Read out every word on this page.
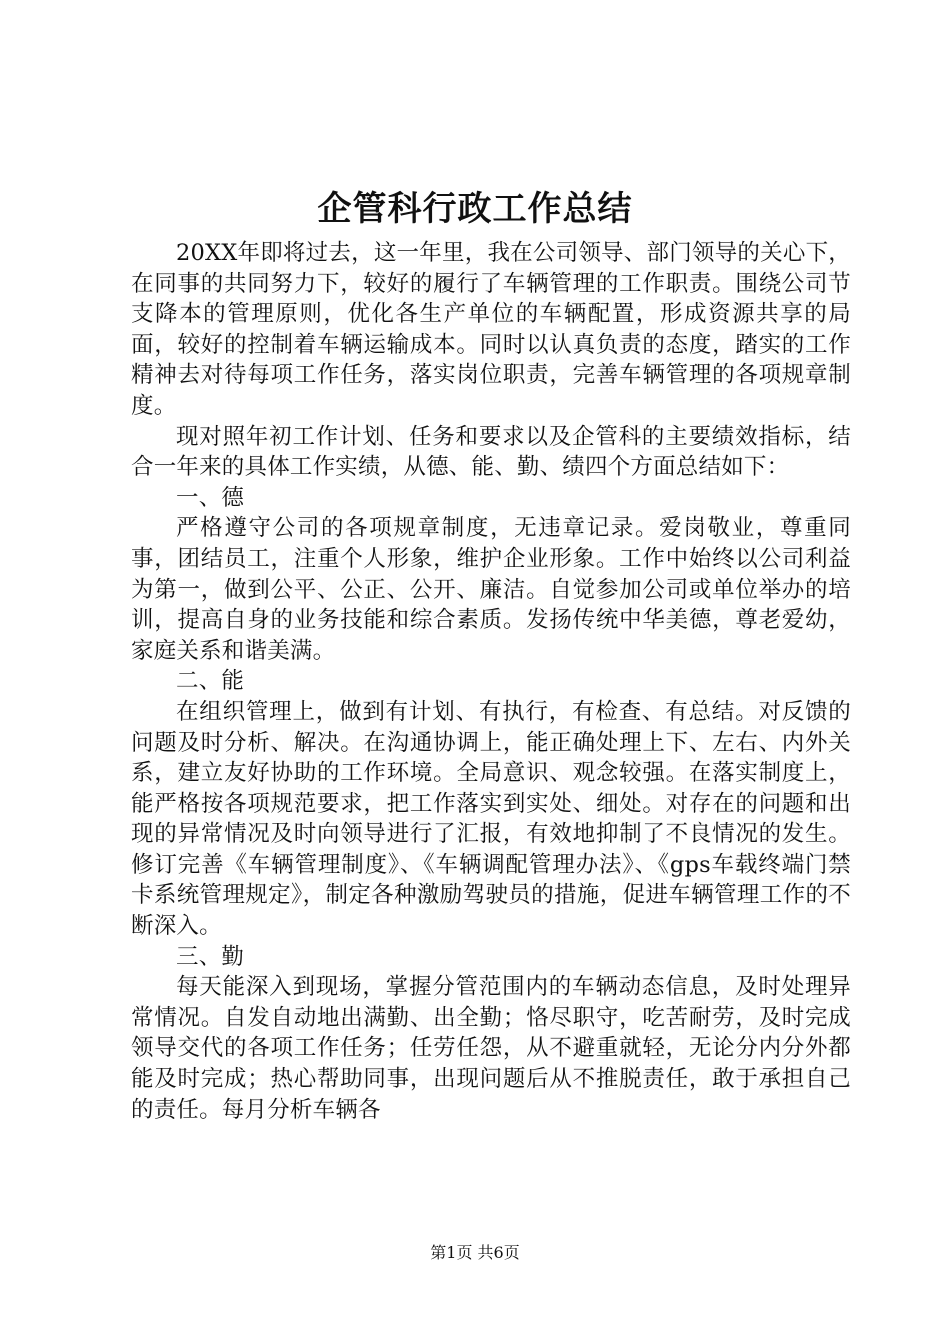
企管科行政工作总结

20XX年即将过去，这一年里，我在公司领导、部门领导的关心下，在同事的共同努力下，较好的履行了车辆管理的工作职责。围绕公司节支降本的管理原则，优化各生产单位的车辆配置，形成资源共享的局面，较好的控制着车辆运输成本。同时以认真负责的态度，踏实的工作精神去对待每项工作任务，落实岗位职责，完善车辆管理的各项规章制度。

现对照年初工作计划、任务和要求以及企管科的主要绩效指标，结合一年来的具体工作实绩，从德、能、勤、绩四个方面总结如下：

一、德

严格遵守公司的各项规章制度，无违章记录。爱岗敬业，尊重同事，团结员工，注重个人形象，维护企业形象。工作中始终以公司利益为第一，做到公平、公正、公开、廉洁。自觉参加公司或单位举办的培训，提高自身的业务技能和综合素质。发扬传统中华美德，尊老爱幼，家庭关系和谐美满。

二、能

在组织管理上，做到有计划、有执行，有检查、有总结。对反馈的问题及时分析、解决。在沟通协调上，能正确处理上下、左右、内外关系，建立友好协助的工作环境。全局意识、观念较强。在落实制度上，能严格按各项规范要求，把工作落实到实处、细处。对存在的问题和出现的异常情况及时向领导进行了汇报，有效地抑制了不良情况的发生。修订完善《车辆管理制度》、《车辆调配管理办法》、《gps车载终端门禁卡系统管理规定》，制定各种激励驾驶员的措施，促进车辆管理工作的不断深入。

三、勤

每天能深入到现场，掌握分管范围内的车辆动态信息，及时处理异常情况。自发自动地出满勤、出全勤；恪尽职守，吃苦耐劳，及时完成领导交代的各项工作任务；任劳任怨，从不避重就轻，无论分内分外都能及时完成；热心帮助同事，出现问题后从不推脱责任，敢于承担自己的责任。每月分析车辆各

第1页 共6页
